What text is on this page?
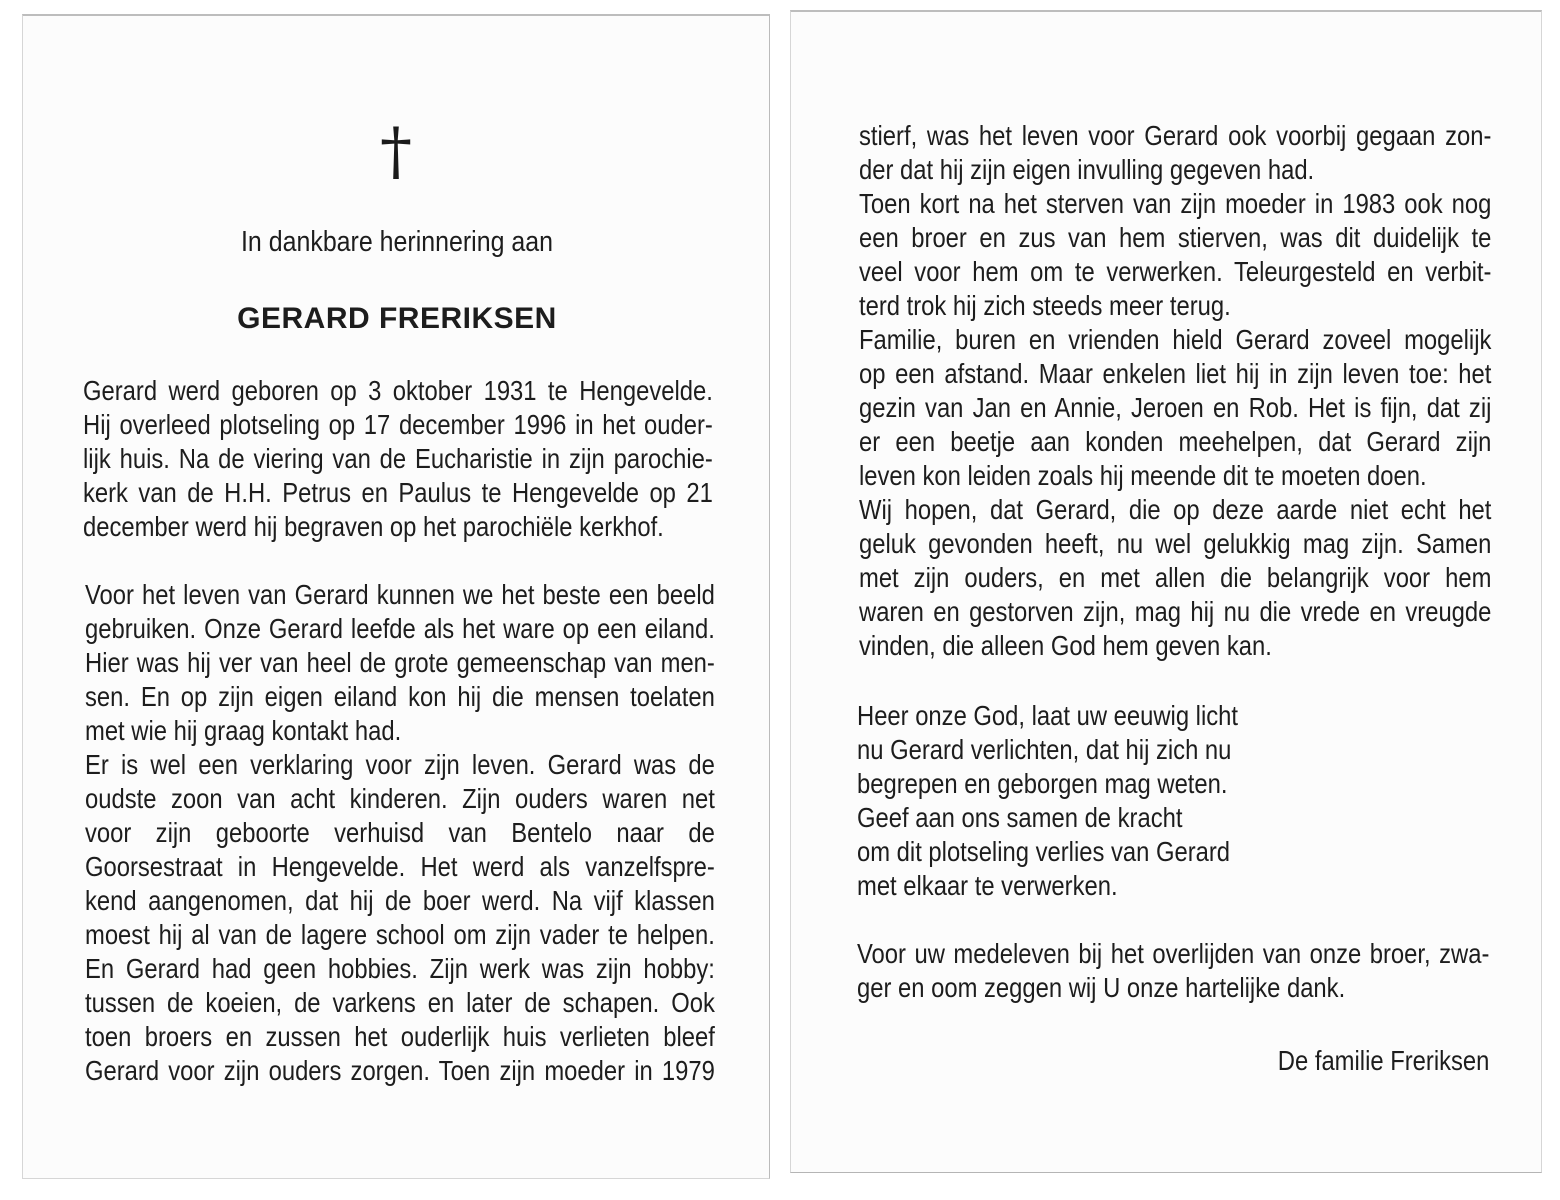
†
In dankbare herinnering aan
GERARD FRERIKSEN
Gerard werd geboren op 3 oktober 1931 te Hengevelde.
Hij overleed plotseling op 17 december 1996 in het ouder-
lijk huis. Na de viering van de Eucharistie in zijn parochie-
kerk van de H.H. Petrus en Paulus te Hengevelde op 21
december werd hij begraven op het parochiële kerkhof.
Voor het leven van Gerard kunnen we het beste een beeld
gebruiken. Onze Gerard leefde als het ware op een eiland.
Hier was hij ver van heel de grote gemeenschap van men-
sen. En op zijn eigen eiland kon hij die mensen toelaten
met wie hij graag kontakt had.
Er is wel een verklaring voor zijn leven. Gerard was de
oudste zoon van acht kinderen. Zijn ouders waren net
voor zijn geboorte verhuisd van Bentelo naar de
Goorsestraat in Hengevelde. Het werd als vanzelfspre-
kend aangenomen, dat hij de boer werd. Na vijf klassen
moest hij al van de lagere school om zijn vader te helpen.
En Gerard had geen hobbies. Zijn werk was zijn hobby:
tussen de koeien, de varkens en later de schapen. Ook
toen broers en zussen het ouderlijk huis verlieten bleef
Gerard voor zijn ouders zorgen. Toen zijn moeder in 1979
stierf, was het leven voor Gerard ook voorbij gegaan zon-
der dat hij zijn eigen invulling gegeven had.
Toen kort na het sterven van zijn moeder in 1983 ook nog
een broer en zus van hem stierven, was dit duidelijk te
veel voor hem om te verwerken. Teleurgesteld en verbit-
terd trok hij zich steeds meer terug.
Familie, buren en vrienden hield Gerard zoveel mogelijk
op een afstand. Maar enkelen liet hij in zijn leven toe: het
gezin van Jan en Annie, Jeroen en Rob. Het is fijn, dat zij
er een beetje aan konden meehelpen, dat Gerard zijn
leven kon leiden zoals hij meende dit te moeten doen.
Wij hopen, dat Gerard, die op deze aarde niet echt het
geluk gevonden heeft, nu wel gelukkig mag zijn. Samen
met zijn ouders, en met allen die belangrijk voor hem
waren en gestorven zijn, mag hij nu die vrede en vreugde
vinden, die alleen God hem geven kan.
Heer onze God, laat uw eeuwig licht
nu Gerard verlichten, dat hij zich nu
begrepen en geborgen mag weten.
Geef aan ons samen de kracht
om dit plotseling verlies van Gerard
met elkaar te verwerken.
Voor uw medeleven bij het overlijden van onze broer, zwa-
ger en oom zeggen wij U onze hartelijke dank.
De familie Freriksen
